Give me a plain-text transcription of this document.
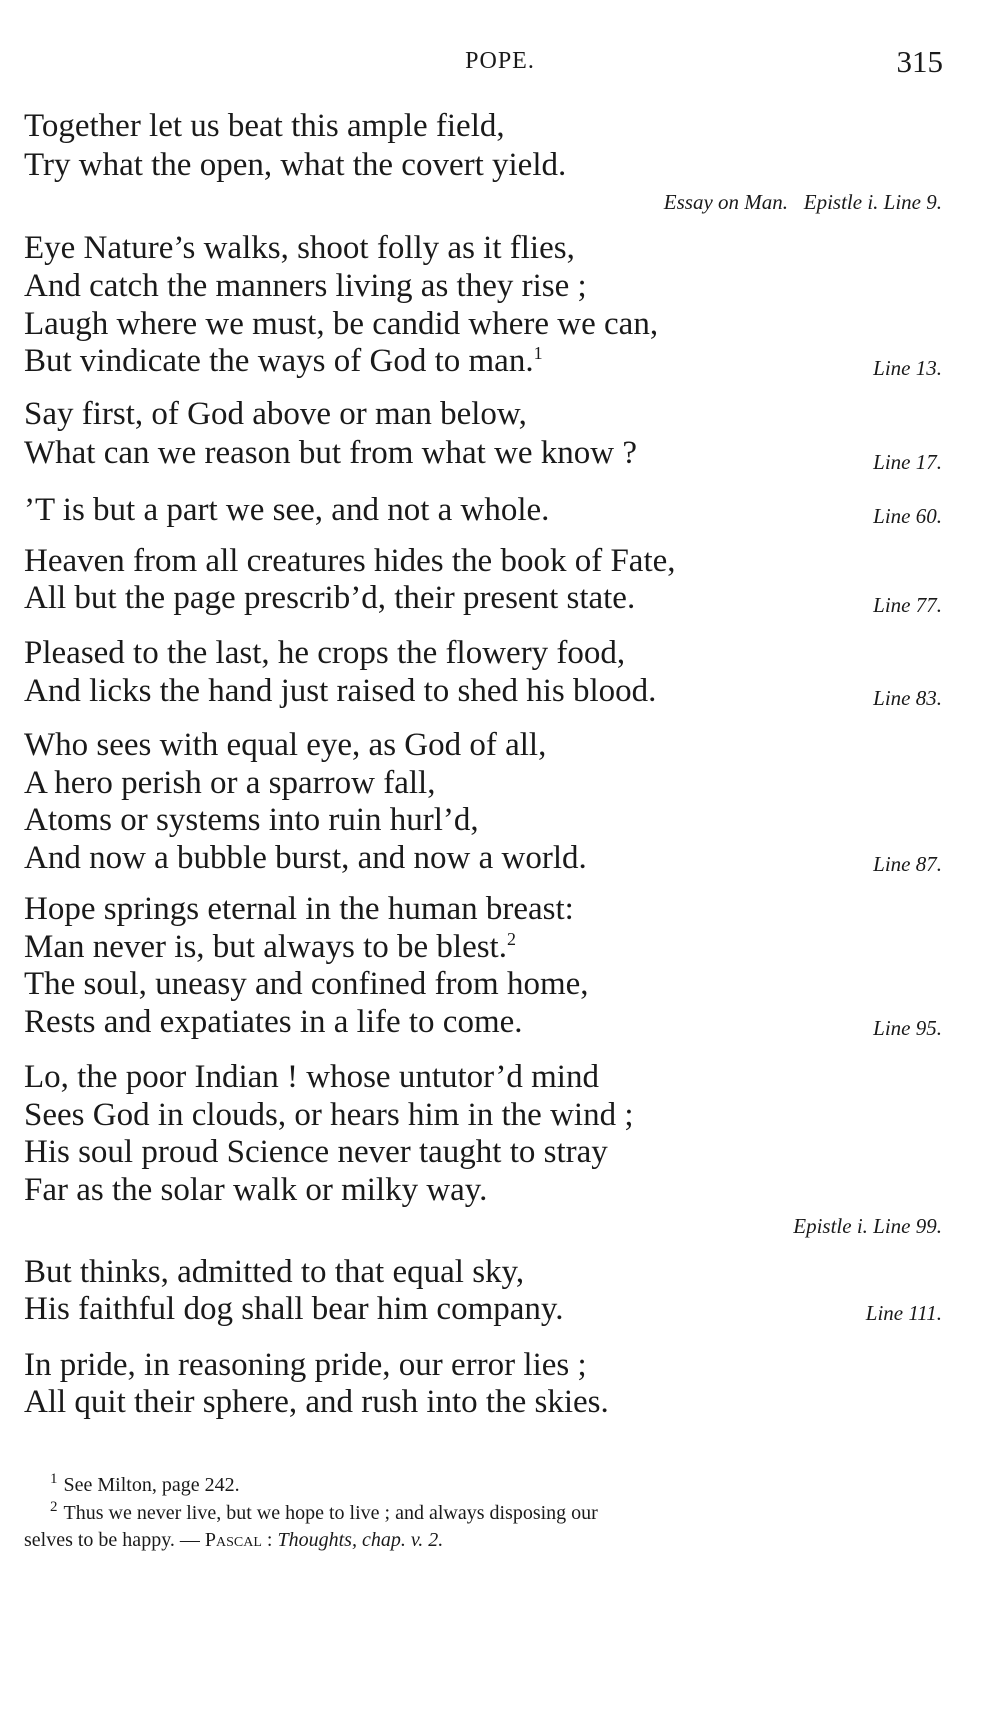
POPE.	315
Together let us beat this ample field,
Try what the open, what the covert yield.
Essay on Man.   Epistle i. Line 9.
Eye Nature’s walks, shoot folly as it flies,
And catch the manners living as they rise ;
Laugh where we must, be candid where we can,
But vindicate the ways of God to man.$^1$
Line 13.
Say first, of God above or man below,
What can we reason but from what we know ?	Line 17.
’T is but a part we see, and not a whole.	Line 60.
Heaven from all creatures hides the book of Fate,
All but the page prescrib’d, their present state.	Line 77.
Pleased to the last, he crops the flowery food,
And licks the hand just raised to shed his blood.	Line 83.
Who sees with equal eye, as God of all,
A hero perish or a sparrow fall,
Atoms or systems into ruin hurl’d,
And now a bubble burst, and now a world.	Line 87.
Hope springs eternal in the human breast:
Man never is, but always to be blest.$^2$
The soul, uneasy and confined from home,
Rests and expatiates in a life to come.	Line 95.
Lo, the poor Indian ! whose untutor’d mind
Sees God in clouds, or hears him in the wind ;
His soul proud Science never taught to stray
Far as the solar walk or milky way.
Epistle i. Line 99.
But thinks, admitted to that equal sky,
His faithful dog shall bear him company.	Line 111.
In pride, in reasoning pride, our error lies ;
All quit their sphere, and rush into the skies.
$^1$ See Milton, page 242.
$^2$ Thus we never live, but we hope to live ; and always disposing our
selves to be happy. — Pascal : Thoughts, chap. v. 2.
